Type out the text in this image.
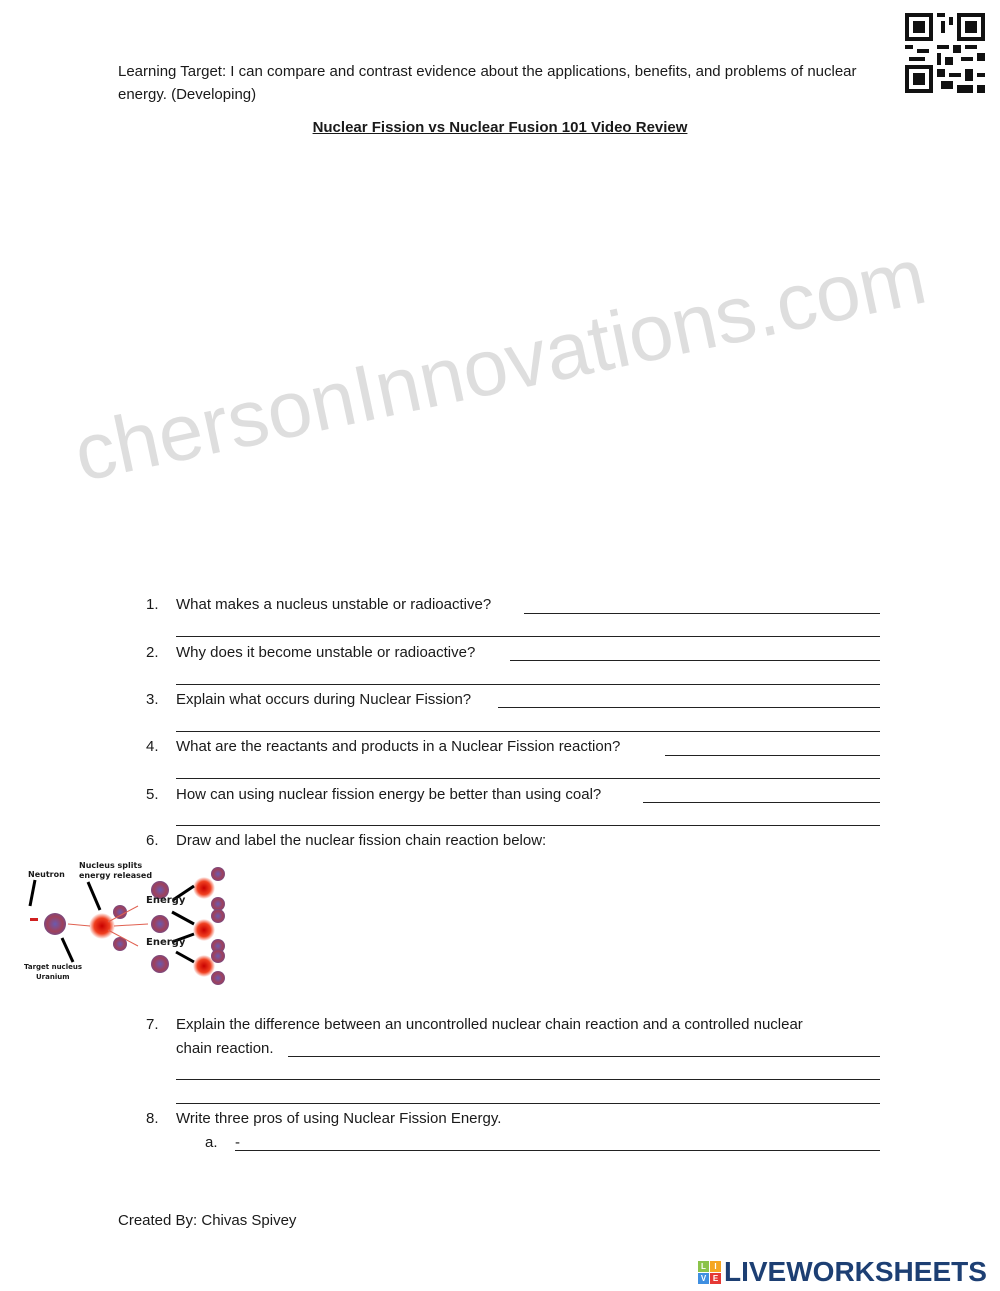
Learning Target: I can compare and contrast evidence about the applications, benefits, and problems of nuclear energy. (Developing)
Nuclear Fission vs Nuclear Fusion 101 Video Review
chersonInnovations.com
1. What makes a nucleus unstable or radioactive?
2. Why does it become unstable or radioactive?
3. Explain what occurs during Nuclear Fission?
4. What are the reactants and products in a Nuclear Fission reaction?
5. How can using nuclear fission energy be better than using coal?
6. Draw and label the nuclear fission chain reaction below:
Neutron
Nucleus splits
energy released
Energy
Energy
Target nucleus
Uranium
7. Explain the difference between an uncontrolled nuclear chain reaction and a controlled nuclear
chain reaction.
8. Write three pros of using Nuclear Fission Energy.
a. -
Created By: Chivas Spivey
L	I
V E LIVEWORKSHEETS
